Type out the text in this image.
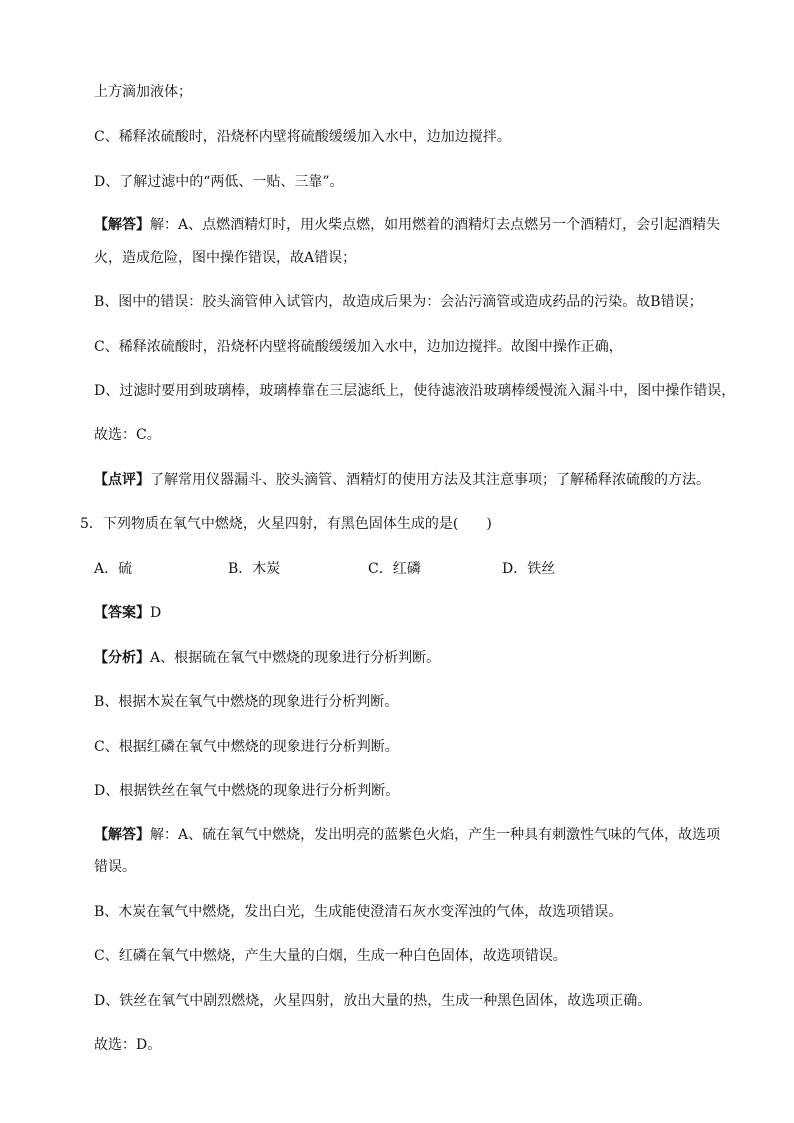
上方滴加液体；
C、稀释浓硫酸时，沿烧杯内壁将硫酸缓缓加入水中，边加边搅拌。
D、了解过滤中的“两低、一贴、三靠”。
【解答】解：A、点燃酒精灯时，用火柴点燃，如用燃着的酒精灯去点燃另一个酒精灯，会引起酒精失
火，造成危险，图中操作错误，故A错误；
B、图中的错误：胶头滴管伸入试管内，故造成后果为：会沾污滴管或造成药品的污染。故B错误；
C、稀释浓硫酸时，沿烧杯内壁将硫酸缓缓加入水中，边加边搅拌。故图中操作正确，
D、过滤时要用到玻璃棒，玻璃棒靠在三层滤纸上，使待滤液沿玻璃棒缓慢流入漏斗中，图中操作错误，
故选：C。
【点评】了解常用仪器漏斗、胶头滴管、酒精灯的使用方法及其注意事项；了解稀释浓硫酸的方法。
5．下列物质在氧气中燃烧，火星四射，有黑色固体生成的是(　　)
A．硫	B．木炭	C．红磷	D．铁丝
【答案】D
【分析】A、根据硫在氧气中燃烧的现象进行分析判断。
B、根据木炭在氧气中燃烧的现象进行分析判断。
C、根据红磷在氧气中燃烧的现象进行分析判断。
D、根据铁丝在氧气中燃烧的现象进行分析判断。
【解答】解：A、硫在氧气中燃烧，发出明亮的蓝紫色火焰，产生一种具有刺激性气味的气体，故选项
错误。
B、木炭在氧气中燃烧，发出白光，生成能使澄清石灰水变浑浊的气体，故选项错误。
C、红磷在氧气中燃烧，产生大量的白烟，生成一种白色固体，故选项错误。
D、铁丝在氧气中剧烈燃烧，火星四射，放出大量的热，生成一种黑色固体，故选项正确。
故选：D。
